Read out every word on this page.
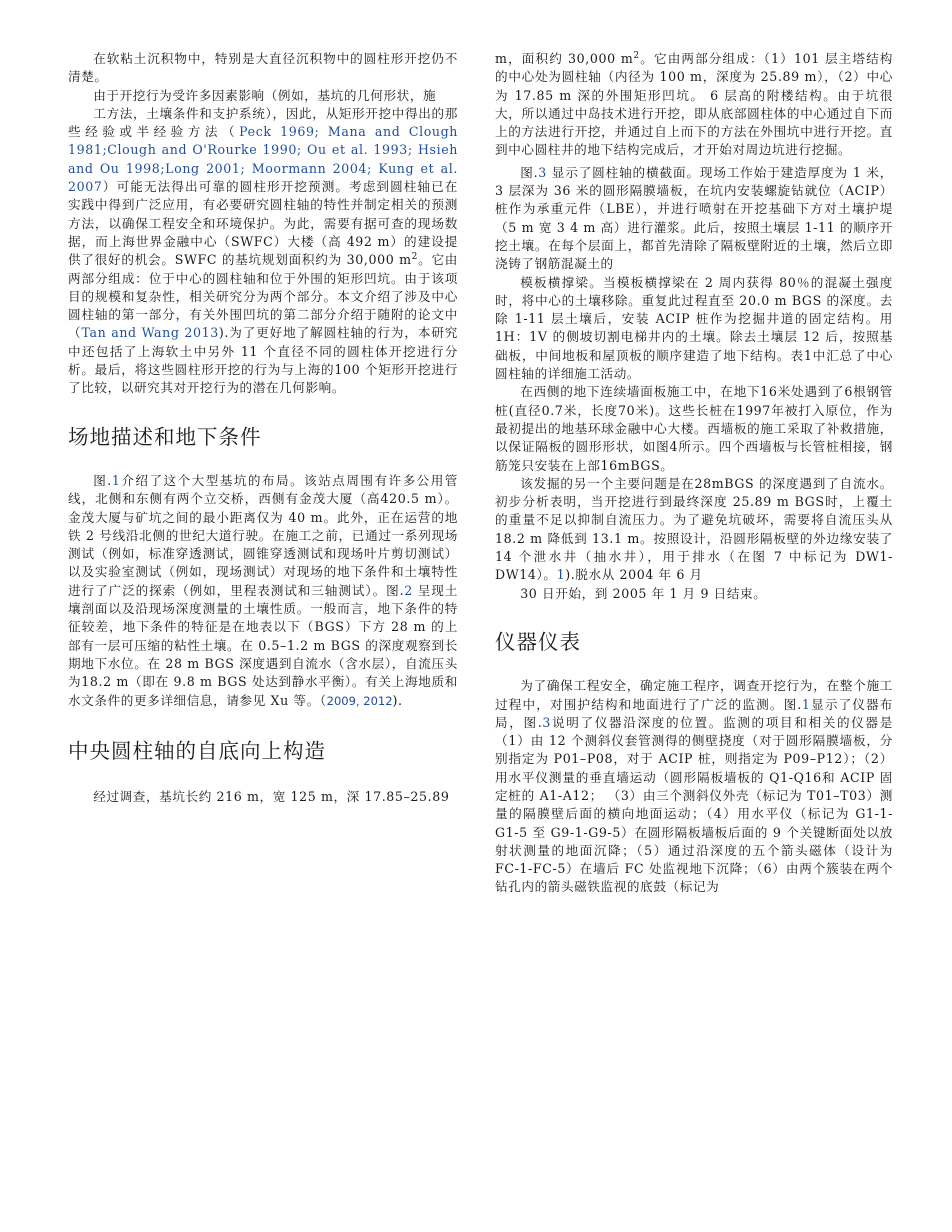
在软粘土沉积物中，特别是大直径沉积物中的圆柱形开挖仍不清楚。

由于开挖行为受许多因素影响（例如，基坑的几何形状，施

工方法，土壤条件和支护系统），因此，从矩形开挖中得出的那些经验或半经验方法（Peck 1969; Mana and Clough 1981;Clough and O'Rourke 1990; Ou et al. 1993; Hsieh and Ou 1998;Long 2001; Moormann 2004; Kung et al. 2007）可能无法得出可靠的圆柱形开挖预测。考虑到圆柱轴已在实践中得到广泛应用，有必要研究圆柱轴的特性并制定相关的预测方法，以确保工程安全和环境保护。为此，需要有据可查的现场数据，而上海世界金融中心（SWFC）大楼（高 492 m）的建设提供了很好的机会。SWFC 的基坑规划面积约为 30,000 $m^2$。它由两部分组成：位于中心的圆柱轴和位于外围的矩形凹坑。由于该项目的规模和复杂性，相关研究分为两个部分。本文介绍了涉及中心圆柱轴的第一部分，有关外围凹坑的第二部分介绍于随附的论文中（Tan and Wang 2013).为了更好地了解圆柱轴的行为，本研究中还包括了上海软土中另外 11 个直径不同的圆柱体开挖进行分析。最后，将这些圆柱形开挖的行为与上海的100 个矩形开挖进行了比较，以研究其对开挖行为的潜在几何影响。

场地描述和地下条件

图.1介绍了这个大型基坑的布局。该站点周围有许多公用管线，北侧和东侧有两个立交桥，西侧有金茂大厦（高420.5 m）。金茂大厦与矿坑之间的最小距离仅为 40 m。此外，正在运营的地铁 2 号线沿北侧的世纪大道行驶。在施工之前，已通过一系列现场测试（例如，标准穿透测试，圆锥穿透测试和现场叶片剪切测试）以及实验室测试（例如，现场测试）对现场的地下条件和土壤特性进行了广泛的探索（例如，里程表测试和三轴测试）。图.2 呈现土壤剖面以及沿现场深度测量的土壤性质。一般而言，地下条件的特征较差，地下条件的特征是在地表以下（BGS）下方 28 m 的上部有一层可压缩的粘性土壤。在 0.5–1.2 m BGS 的深度观察到长期地下水位。在 28 m BGS 深度遇到自流水（含水层），自流压头为18.2 m（即在 9.8 m BGS 处达到静水平衡）。有关上海地质和水文条件的更多详细信息，请参见 Xu 等。（2009, 2012).

中央圆柱轴的自底向上构造

经过调查，基坑长约 216 m，宽 125 m，深 17.85–25.89

m，面积约 30,000 $m^2$。它由两部分组成：（1）101 层主塔结构的中心处为圆柱轴（内径为 100 m，深度为 25.89 m），（2）中心为 17.85 m 深的外围矩形凹坑。 6 层高的附楼结构。由于坑很大，所以通过中岛技术进行开挖，即从底部圆柱体的中心通过自下而上的方法进行开挖，并通过自上而下的方法在外围坑中进行开挖。直到中心圆柱井的地下结构完成后，才开始对周边坑进行挖掘。

图.3 显示了圆柱轴的横截面。现场工作始于建造厚度为 1 米，3 层深为 36 米的圆形隔膜墙板，在坑内安装螺旋钻就位（ACIP）桩作为承重元件（LBE），并进行喷射在开挖基础下方对土壤护堤（5 m 宽 3 4 m 高）进行灌浆。此后，按照土壤层 1-11 的顺序开挖土壤。在每个层面上，都首先清除了隔板壁附近的土壤，然后立即浇铸了钢筋混凝土的

模板横撑梁。当模板横撑梁在 2 周内获得 80％的混凝土强度时，将中心的土壤移除。重复此过程直至 20.0 m BGS 的深度。去除 1-11 层土壤后，安装 ACIP 桩作为挖掘井道的固定结构。用1H：1V 的侧坡切割电梯井内的土壤。除去土壤层 12 后，按照基础板，中间地板和屋顶板的顺序建造了地下结构。表1中汇总了中心圆柱轴的详细施工活动。

在西侧的地下连续墙面板施工中，在地下16米处遇到了6根钢管桩(直径0.7米，长度70米)。这些长桩在1997年被打入原位，作为最初提出的地基环球金融中心大楼。西墙板的施工采取了补救措施，以保证隔板的圆形形状，如图4所示。四个西墙板与长管桩相接，钢筋笼只安装在上部16mBGS。

该发掘的另一个主要问题是在28mBGS 的深度遇到了自流水。初步分析表明，当开挖进行到最终深度 25.89 m BGS时，上覆土的重量不足以抑制自流压力。为了避免坑破坏，需要将自流压头从 18.2 m 降低到 13.1 m。按照设计，沿圆形隔板壁的外边缘安装了 14 个泄水井（抽水井），用于排水（在图 7 中标记为 DW1-DW14）。1).脱水从 2004 年 6 月

30 日开始，到 2005 年 1 月 9 日结束。

仪器仪表

为了确保工程安全，确定施工程序，调查开挖行为，在整个施工过程中，对围护结构和地面进行了广泛的监测。图.1显示了仪器布局，图.3说明了仪器沿深度的位置。监测的项目和相关的仪器是（1）由 12 个测斜仪套管测得的侧壁挠度（对于圆形隔膜墙板，分别指定为 P01–P08，对于 ACIP 桩，则指定为 P09–P12）；（2）用水平仪测量的垂直墙运动（圆形隔板墙板的 Q1-Q16和 ACIP 固定桩的 A1-A12； （3）由三个测斜仪外壳（标记为 T01–T03）测量的隔膜壁后面的横向地面运动；（4）用水平仪（标记为 G1-1-G1-5 至 G9-1-G9-5）在圆形隔板墙板后面的 9 个关键断面处以放射状测量的地面沉降；（5）通过沿深度的五个箭头磁体（设计为 FC-1-FC-5）在墙后 FC 处监视地下沉降；（6）由两个簇装在两个钻孔内的箭头磁铁监视的底鼓（标记为
